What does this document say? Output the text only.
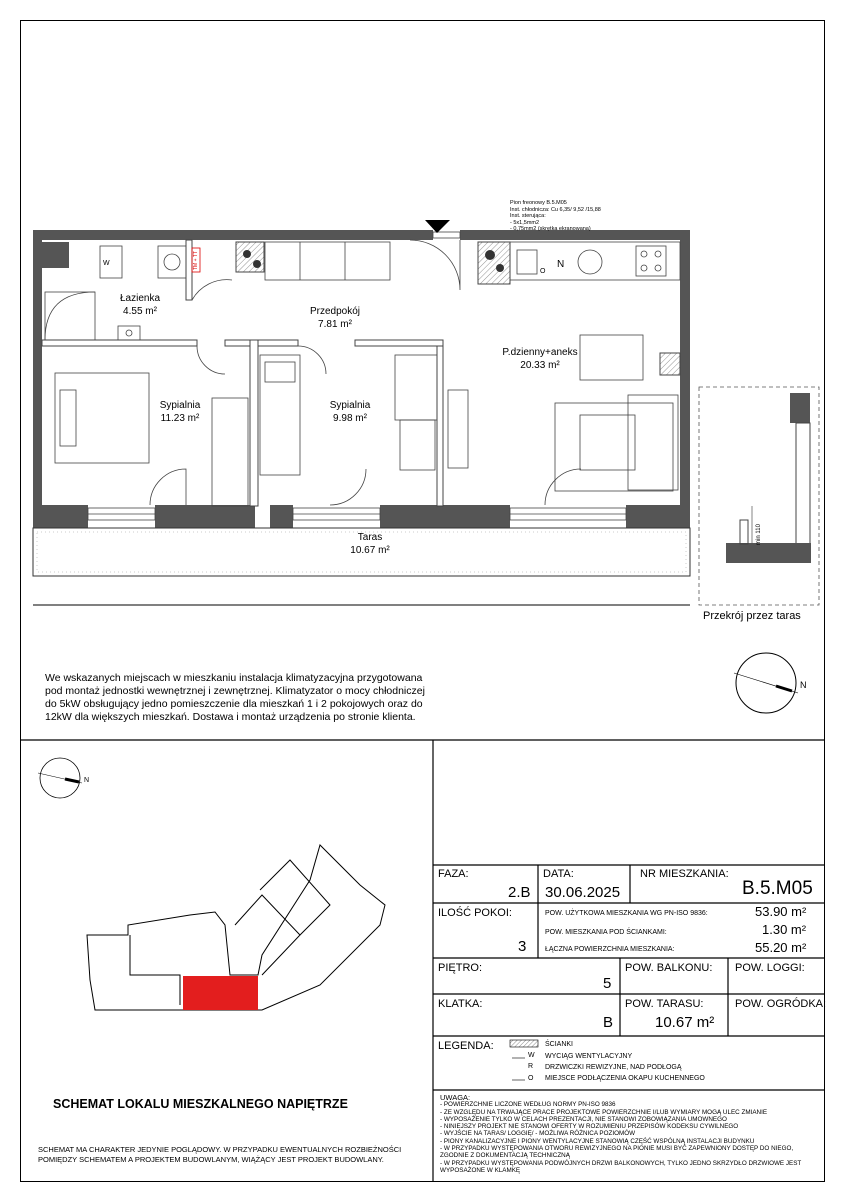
TM + TT	N
W
O
min 110
N
Pion freonowy B.5.M05
Inst. chłodnicza: Cu 6,35/ 9,52 /15,88
Inst. sterująca:
- 5x1,5mm2
- 0,75mm2 (skrętka ekranowana)
Łazienka
4.55 m²	Przedpokój
7.81 m²
P.dzienny+aneks
20.33 m²
Sypialnia
11.23 m²
Sypialnia
9.98 m²
Taras
10.67 m²
Przekrój przez taras
We wskazanych miejscach w mieszkaniu instalacja klimatyzacyjna przygotowana pod montaż jednostki wewnętrznej i zewnętrznej. Klimatyzator o mocy chłodniczej do 5kW obsługujący jedno pomieszczenie dla mieszkań 1 i 2 pokojowych oraz do 12kW dla większych mieszkań. Dostawa i montaż urządzenia po stronie klienta.
N
FAZA:
2.B
DATA:
30.06.2025
NR MIESZKANIA:
B.5.M05
ILOŚĆ POKOI:
3
POW. UŻYTKOWA MIESZKANIA WG PN-ISO 9836:	53.90 m²
POW. MIESZKANIA POD ŚCIANKAMI:	1.30 m²
ŁĄCZNA POWIERZCHNIA MIESZKANIA:	55.20 m²
PIĘTRO:
5
POW. BALKONU: POW. LOGGI:
KLATKA:
B
POW. TARASU:
10.67 m²
POW. OGRÓDKA:
LEGENDA:	ŚCIANKI
W WYCIĄG WENTYLACYJNY
R DRZWICZKI REWIZYJNE, NAD PODŁOGĄ
O MIEJSCE PODŁĄCZENIA OKAPU KUCHENNEGO
UWAGA:
- POWIERZCHNIE LICZONE WEDŁUG NORMY PN-ISO 9836
- ZE WZGLĘDU NA TRWAJĄCE PRACE PROJEKTOWE POWIERZCHNIE I/LUB WYMIARY MOGĄ ULEC ZMIANIE
- WYPOSAŻENIE TYLKO W CELACH PREZENTACJI, NIE STANOWI ZOBOWIĄZANIA UMOWNEGO
- NINIEJSZY PROJEKT NIE STANOWI OFERTY W ROZUMIENIU PRZEPISÓW KODEKSU CYWILNEGO
- WYJŚCIE NA TARAS/ LOGGIĘ/ - MOŻLIWA RÓŻNICA POZIOMÓW
- PIONY KANALIZACYJNE I PIONY WENTYLACYJNE STANOWIĄ CZĘŚĆ WSPÓLNĄ INSTALACJI BUDYNKU
- W PRZYPADKU WYSTĘPOWANIA OTWORU REWIZYJNEGO NA PIONIE MUSI BYĆ ZAPEWNIONY DOSTĘP DO NIEGO, ZGODNIE Z DOKUMENTACJĄ TECHNICZNĄ
- W PRZYPADKU WYSTĘPOWANIA PODWÓJNYCH DRZWI BALKONOWYCH, TYLKO JEDNO SKRZYDŁO DRZWIOWE JEST WYPOSAŻONE W KLAMKĘ
SCHEMAT LOKALU MIESZKALNEGO NAPIĘTRZE
SCHEMAT MA CHARAKTER JEDYNIE POGLĄDOWY. W PRZYPADKU EWENTUALNYCH ROZBIEŻNOŚCI POMIĘDZY SCHEMATEM A PROJEKTEM BUDOWLANYM, WIĄŻĄCY JEST PROJEKT BUDOWLANY.
